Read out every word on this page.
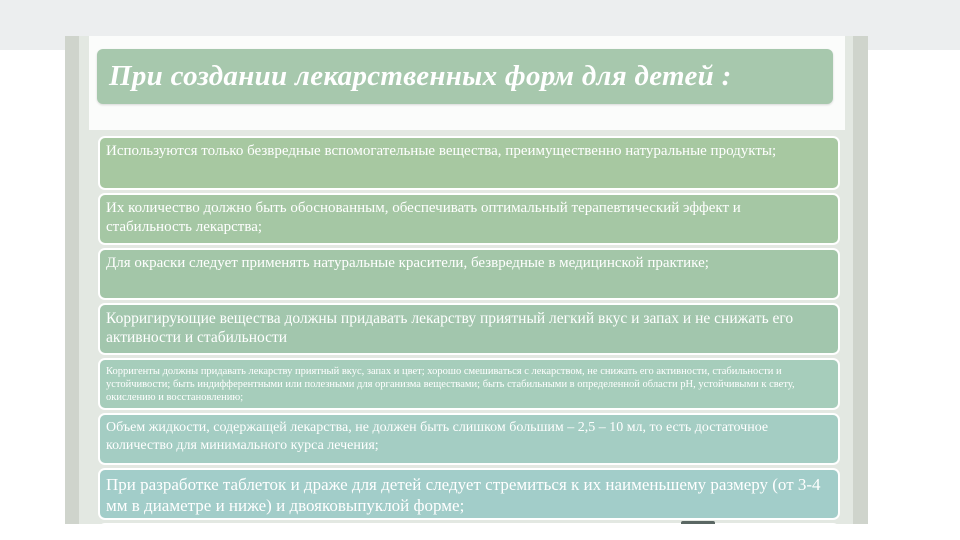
При создании лекарственных форм для детей :
Используются только безвредные вспомогательные вещества, преимущественно натуральные продукты;
Их количество должно быть обоснованным, обеспечивать оптимальный терапевтический эффект и стабильность лекарства;
Для окраски следует применять натуральные красители, безвредные в медицинской практике;
Корригирующие вещества должны придавать лекарству приятный легкий вкус и запах и не снижать его активности и стабильности
Корригенты должны придавать лекарству приятный вкус, запах и цвет; хорошо смешиваться с лекарством, не снижать его активности, стабильности и устойчивости; быть индифферентными или полезными для организма веществами; быть стабильными в определенной области pH, устойчивыми к свету, окислению и восстановлению;
Объем жидкости, содержащей лекарства, не должен быть слишком большим – 2,5 – 10 мл, то есть достаточное количество для минимального курса лечения;
При разработке таблеток и драже для детей следует стремиться к их наименьшему размеру (от 3-4 мм в диаметре и ниже) и двояковыпуклой форме;
